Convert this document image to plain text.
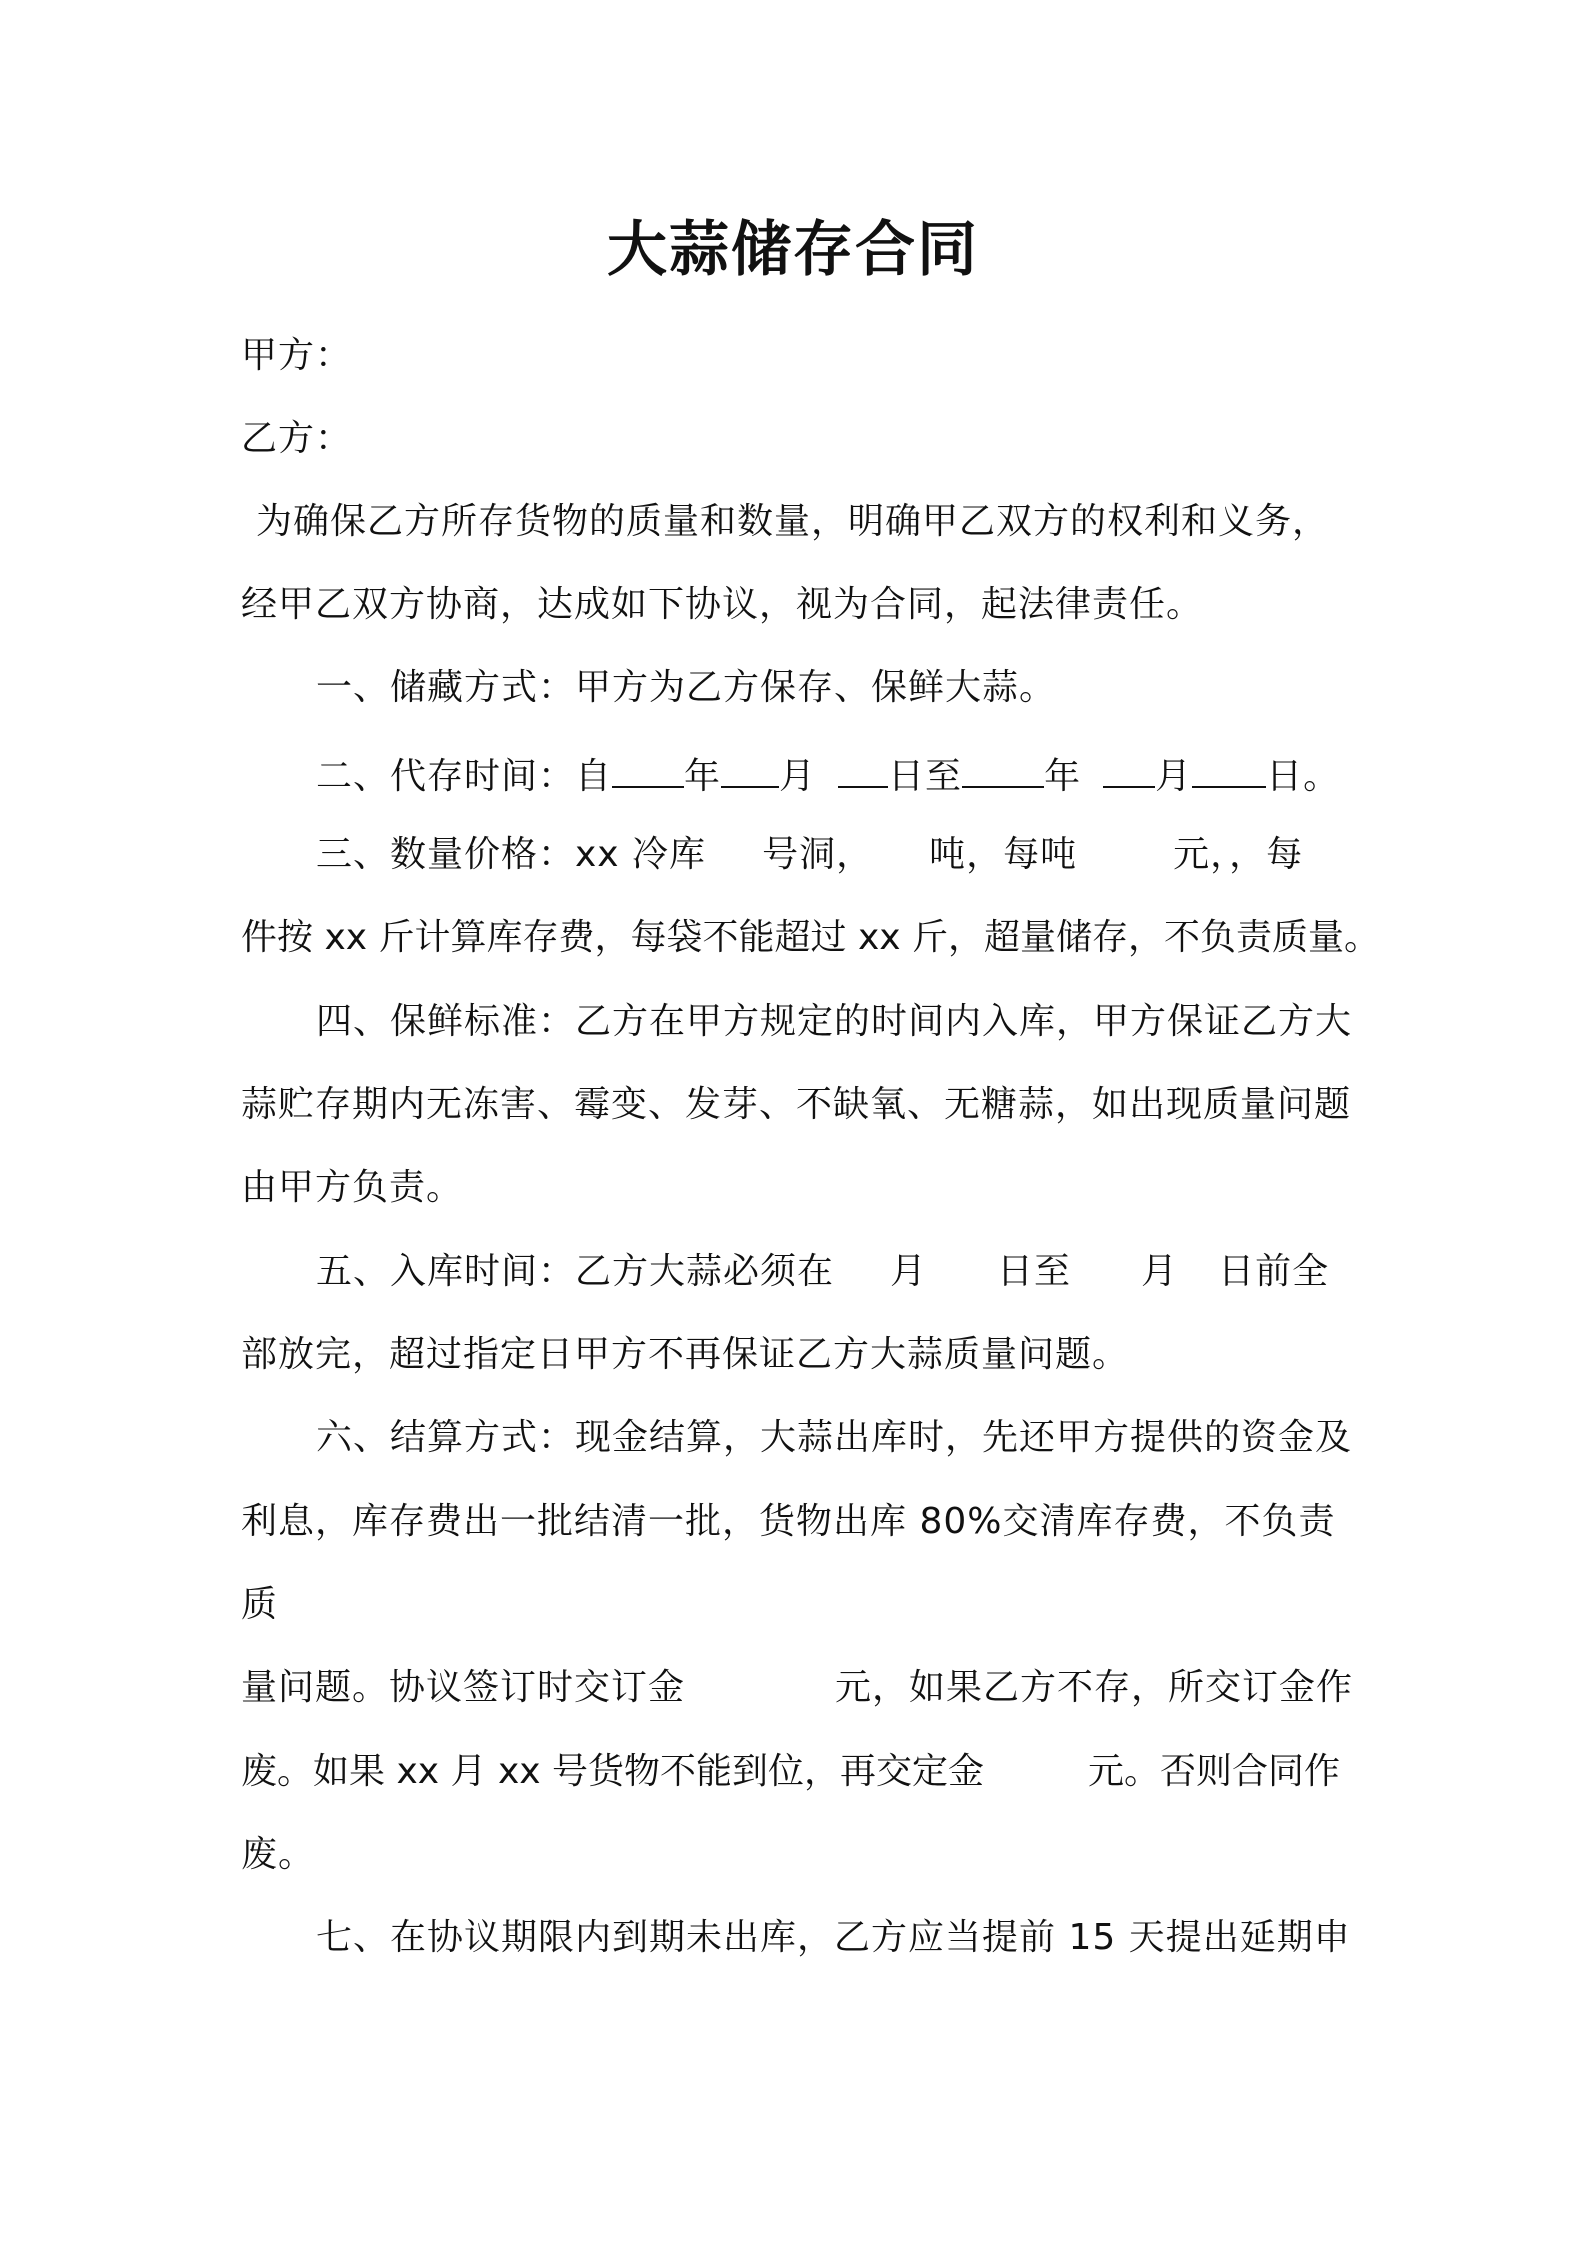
大蒜储存合同
甲方：
乙方：
为确保乙方所存货物的质量和数量，明确甲乙双方的权利和义务，
经甲乙双方协商，达成如下协议，视为合同，起法律责任。
一、储藏方式：甲方为乙方保存、保鲜大蒜。
二、代存时间：自 年 月 日至 年 月 日。
三、数量价格：xx 冷库 号洞， 吨，每吨	元，，每
件按 xx 斤计算库存费，每袋不能超过 xx 斤，超量储存，不负责质量。
四、保鲜标准：乙方在甲方规定的时间内入库，甲方保证乙方大
蒜贮存期内无冻害、霉变、发芽、不缺氧、无糖蒜，如出现质量问题
由甲方负责。
五、入库时间：乙方大蒜必须在 月 日至 月 日前全
部放完，超过指定日甲方不再保证乙方大蒜质量问题。
六、结算方式：现金结算，大蒜出库时，先还甲方提供的资金及
利息，库存费出一批结清一批，货物出库 80%交清库存费，不负责
质
量问题。协议签订时交订金	元，如果乙方不存，所交订金作
废。如果 xx 月 xx 号货物不能到位，再交定金	元。否则合同作
废。
七、在协议期限内到期未出库，乙方应当提前 15 天提出延期申
